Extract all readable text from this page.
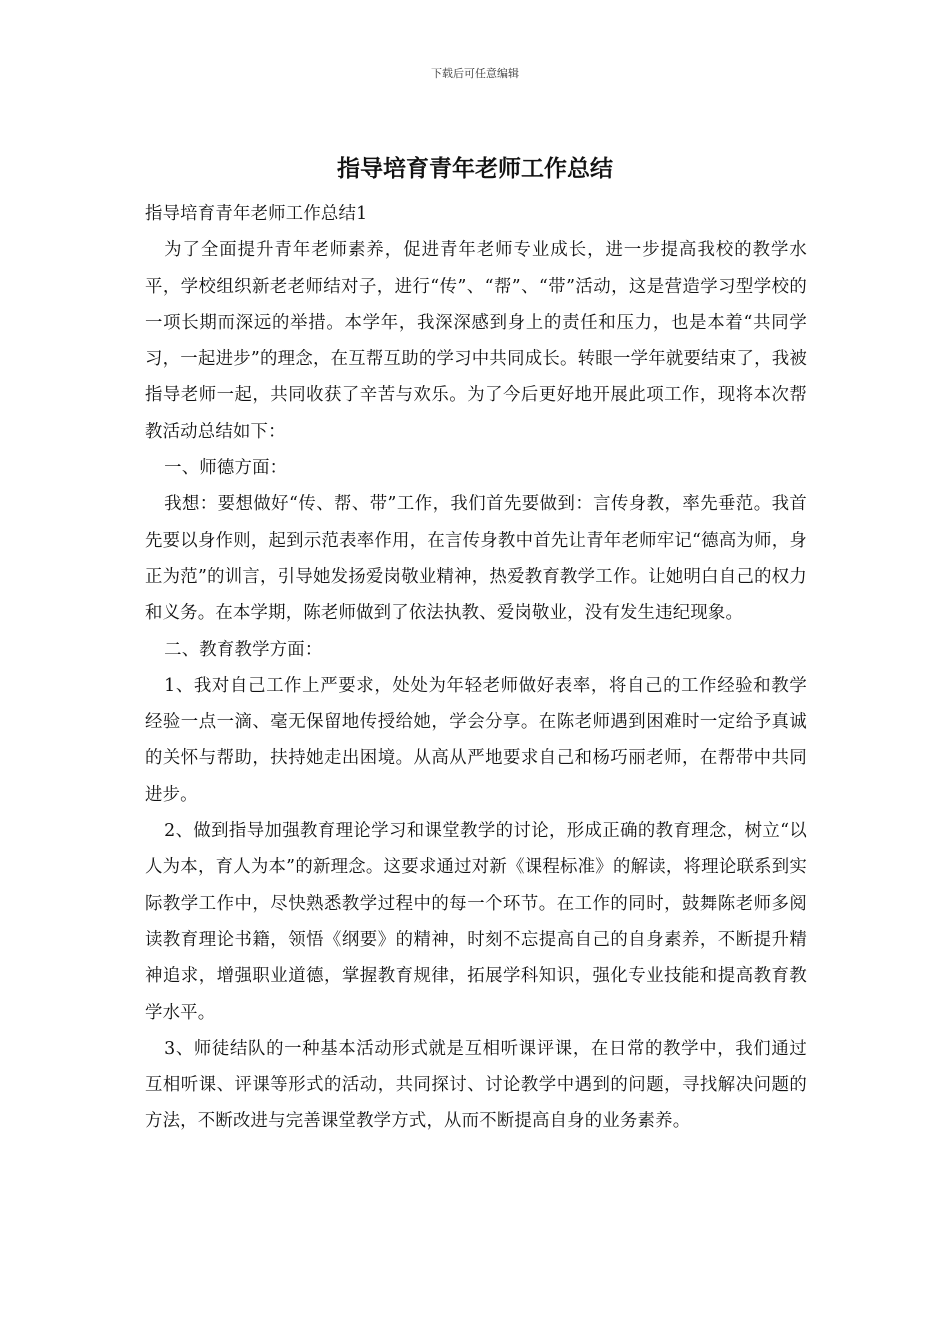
下载后可任意编辑
指导培育青年老师工作总结

指导培育青年老师工作总结1

为了全面提升青年老师素养，促进青年老师专业成长，进一步提高我校的教学水平，学校组织新老老师结对子，进行“传”、“帮”、“带”活动，这是营造学习型学校的一项长期而深远的举措。本学年，我深深感到身上的责任和压力，也是本着“共同学习，一起进步”的理念，在互帮互助的学习中共同成长。转眼一学年就要结束了，我被指导老师一起，共同收获了辛苦与欢乐。为了今后更好地开展此项工作，现将本次帮教活动总结如下：

一、师德方面：

我想：要想做好“传、帮、带”工作，我们首先要做到：言传身教，率先垂范。我首先要以身作则，起到示范表率作用，在言传身教中首先让青年老师牢记“德高为师，身正为范”的训言，引导她发扬爱岗敬业精神，热爱教育教学工作。让她明白自己的权力和义务。在本学期，陈老师做到了依法执教、爱岗敬业，没有发生违纪现象。

二、教育教学方面：

1、我对自己工作上严要求，处处为年轻老师做好表率，将自己的工作经验和教学经验一点一滴、毫无保留地传授给她，学会分享。在陈老师遇到困难时一定给予真诚的关怀与帮助，扶持她走出困境。从高从严地要求自己和杨巧丽老师，在帮带中共同进步。

2、做到指导加强教育理论学习和课堂教学的讨论，形成正确的教育理念，树立“以人为本，育人为本”的新理念。这要求通过对新《课程标准》的解读，将理论联系到实际教学工作中，尽快熟悉教学过程中的每一个环节。在工作的同时，鼓舞陈老师多阅读教育理论书籍，领悟《纲要》的精神，时刻不忘提高自己的自身素养，不断提升精神追求，增强职业道德，掌握教育规律，拓展学科知识，强化专业技能和提高教育教学水平。

3、师徒结队的一种基本活动形式就是互相听课评课，在日常的教学中，我们通过互相听课、评课等形式的活动，共同探讨、讨论教学中遇到的问题，寻找解决问题的方法，不断改进与完善课堂教学方式，从而不断提高自身的业务素养。
